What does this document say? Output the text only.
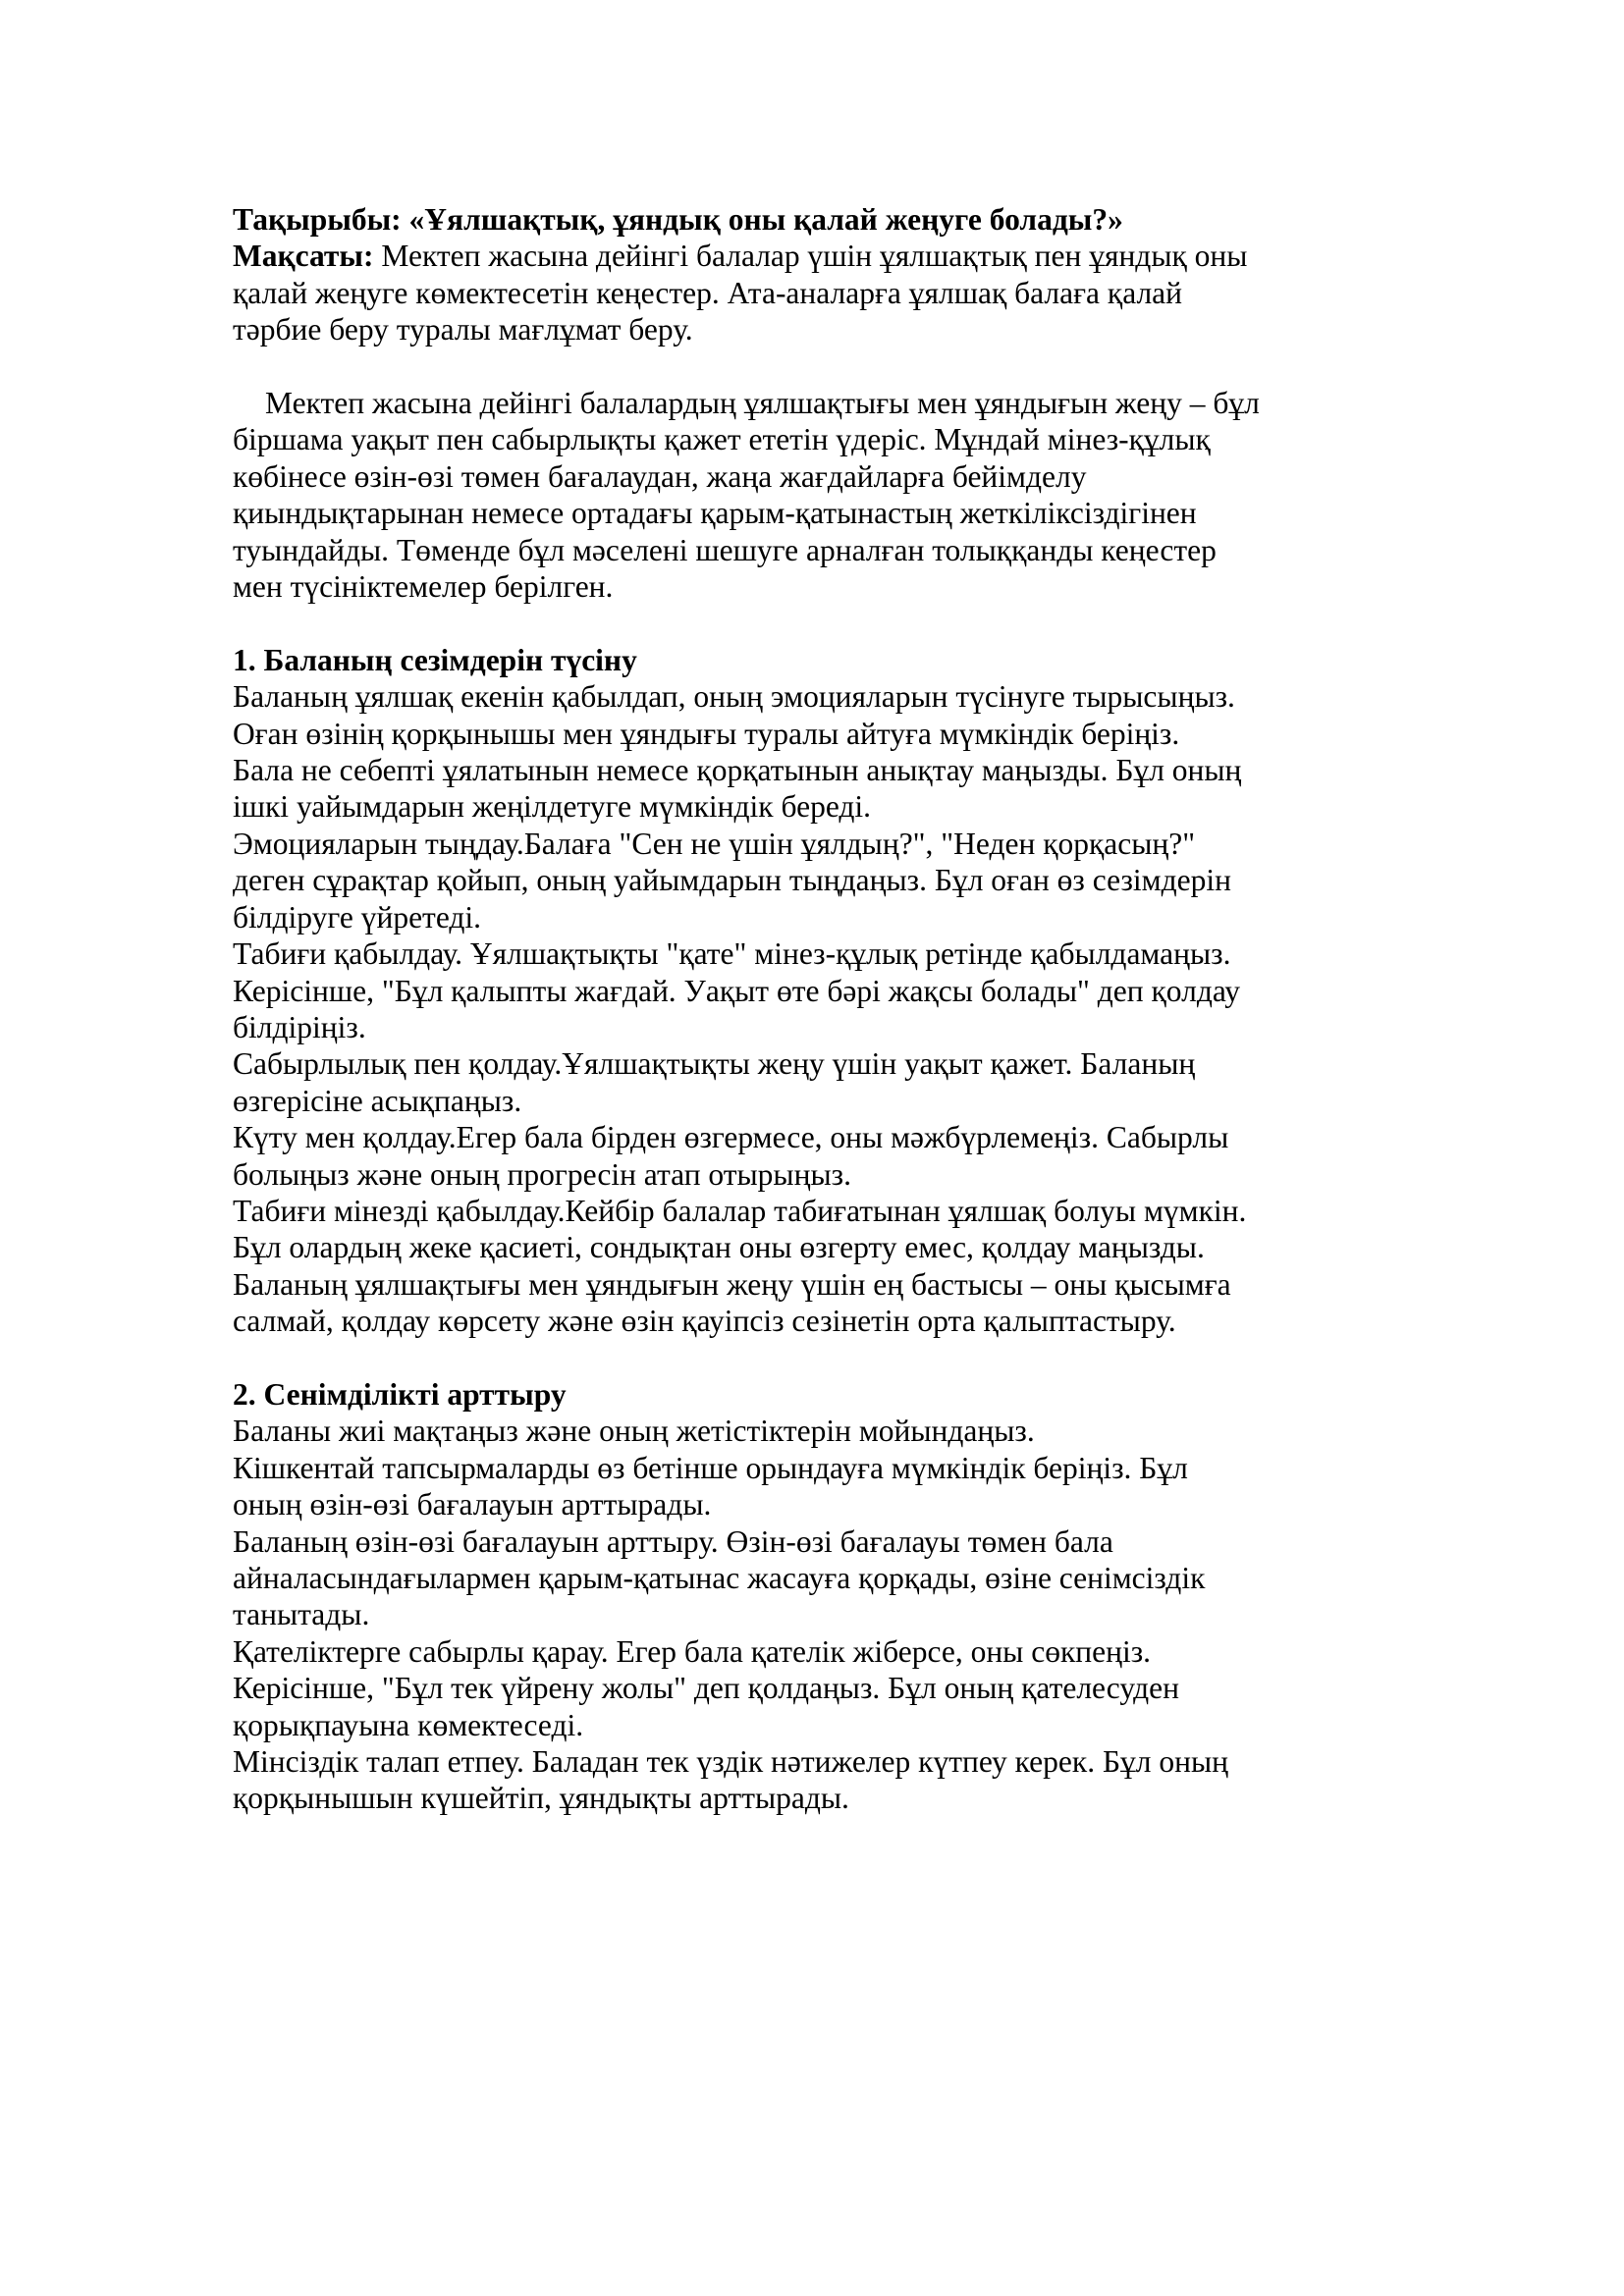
Тақырыбы: «Ұялшақтық, ұяндық оны қалай жеңуге болады?»
Мақсаты: Мектеп жасына дейінгі балалар үшін ұялшақтық пен ұяндық оны
қалай жеңуге көмектесетін кеңестер. Ата-аналарға ұялшақ балаға қалай
тәрбие беру туралы мағлұмат беру.
Мектеп жасына дейінгі балалардың ұялшақтығы мен ұяндығын жеңу – бұл
біршама уақыт пен сабырлықты қажет ететін үдеріс. Мұндай мінез-құлық
көбінесе өзін-өзі төмен бағалаудан, жаңа жағдайларға бейімделу
қиындықтарынан немесе ортадағы қарым-қатынастың жеткіліксіздігінен
туындайды. Төменде бұл мәселені шешуге арналған толыққанды кеңестер
мен түсініктемелер берілген.
1. Баланың сезімдерін түсіну
Баланың ұялшақ екенін қабылдап, оның эмоцияларын түсінуге тырысыңыз.
Оған өзінің қорқынышы мен ұяндығы туралы айтуға мүмкіндік беріңіз.
Бала не себепті ұялатынын немесе қорқатынын анықтау маңызды. Бұл оның
ішкі уайымдарын жеңілдетуге мүмкіндік береді.
Эмоцияларын тыңдау.Балаға "Сен не үшін ұялдың?", "Неден қорқасың?"
деген сұрақтар қойып, оның уайымдарын тыңдаңыз. Бұл оған өз сезімдерін
білдіруге үйретеді.
Табиғи қабылдау. Ұялшақтықты "қате" мінез-құлық ретінде қабылдамаңыз.
Керісінше, "Бұл қалыпты жағдай. Уақыт өте бәрі жақсы болады" деп қолдау
білдіріңіз.
Сабырлылық пен қолдау.Ұялшақтықты жеңу үшін уақыт қажет. Баланың
өзгерісіне асықпаңыз.
Күту мен қолдау.Егер бала бірден өзгермесе, оны мәжбүрлемеңіз. Сабырлы
болыңыз және оның прогресін атап отырыңыз.
Табиғи мінезді қабылдау.Кейбір балалар табиғатынан ұялшақ болуы мүмкін.
Бұл олардың жеке қасиеті, сондықтан оны өзгерту емес, қолдау маңызды.
Баланың ұялшақтығы мен ұяндығын жеңу үшін ең бастысы – оны қысымға
салмай, қолдау көрсету және өзін қауіпсіз сезінетін орта қалыптастыру.
2. Сенімділікті арттыру
Баланы жиі мақтаңыз және оның жетістіктерін мойындаңыз.
Кішкентай тапсырмаларды өз бетінше орындауға мүмкіндік беріңіз. Бұл
оның өзін-өзі бағалауын арттырады.
Баланың өзін-өзі бағалауын арттыру. Өзін-өзі бағалауы төмен бала
айналасындағылармен қарым-қатынас жасауға қорқады, өзіне сенімсіздік
танытады.
Қателіктерге сабырлы қарау. Егер бала қателік жіберсе, оны сөкпеңіз.
Керісінше, "Бұл тек үйрену жолы" деп қолдаңыз. Бұл оның қателесуден
қорықпауына көмектеседі.
Мінсіздік талап етпеу. Баладан тек үздік нәтижелер күтпеу керек. Бұл оның
қорқынышын күшейтіп, ұяндықты арттырады.
